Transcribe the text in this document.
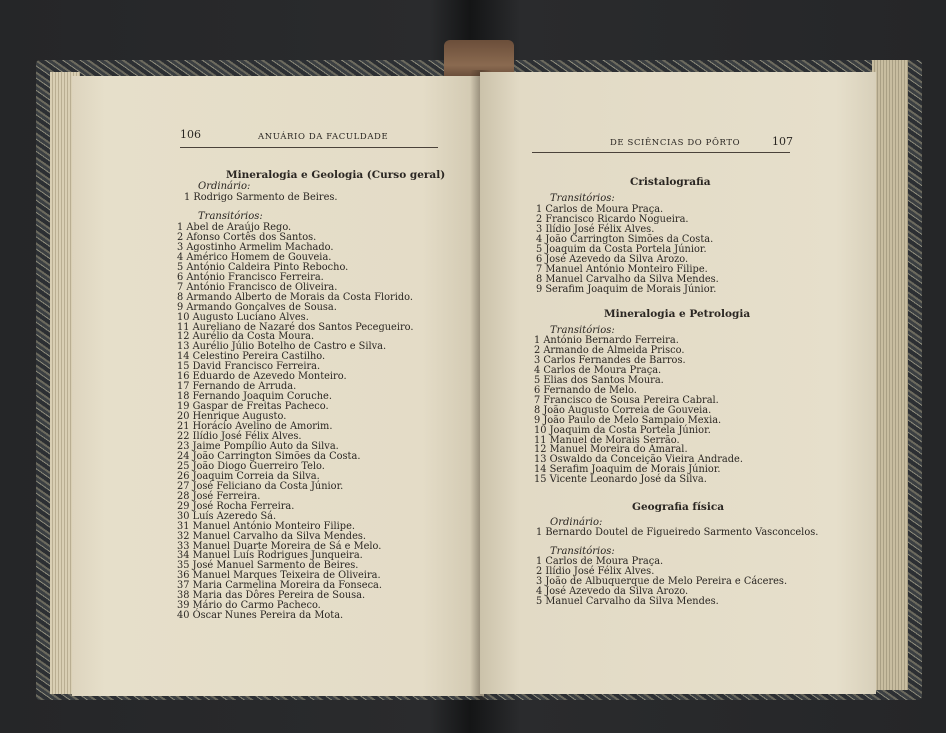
106	ANUÁRIO DA FACULDADE
Mineralogia e Geologia (Curso geral)
Ordinário:
1 Rodrigo Sarmento de Beires.
Transitórios:
1 Abel de Araújo Rego.
2 Afonso Cortês dos Santos.
3 Agostinho Armelim Machado.
4 Américo Homem de Gouveia.
5 António Caldeira Pinto Rebocho.
6 António Francisco Ferreira.
7 António Francisco de Oliveira.
8 Armando Alberto de Morais da Costa Florido.
9 Armando Gonçalves de Sousa.
10 Augusto Luciano Alves.
11 Aureliano de Nazaré dos Santos Pecegueiro.
12 Aurélio da Costa Moura.
13 Aurélio Júlio Botelho de Castro e Silva.
14 Celestino Pereira Castilho.
15 David Francisco Ferreira.
16 Eduardo de Azevedo Monteiro.
17 Fernando de Arruda.
18 Fernando Joaquim Coruche.
19 Gaspar de Freitas Pacheco.
20 Henrique Augusto.
21 Horácio Avelino de Amorim.
22 Ilídio José Félix Alves.
23 Jaime Pompílio Auto da Silva.
24 João Carrington Simões da Costa.
25 João Diogo Guerreiro Telo.
26 Joaquim Correia da Silva.
27 José Feliciano da Costa Júnior.
28 José Ferreira.
29 José Rocha Ferreira.
30 Luís Azeredo Sá.
31 Manuel António Monteiro Filipe.
32 Manuel Carvalho da Silva Mendes.
33 Manuel Duarte Moreira de Sá e Melo.
34 Manuel Luís Rodrigues Junqueira.
35 José Manuel Sarmento de Beires.
36 Manuel Marques Teixeira de Oliveira.
37 Maria Carmelina Moreira da Fonseca.
38 Maria das Dôres Pereira de Sousa.
39 Mário do Carmo Pacheco.
40 Óscar Nunes Pereira da Mota.
DE SCIÊNCIAS DO PÔRTO	107
Cristalografia
Transitórios:
1 Carlos de Moura Praça.
2 Francisco Ricardo Nogueira.
3 Ilídio José Félix Alves.
4 João Carrington Simões da Costa.
5 Joaquim da Costa Portela Júnior.
6 José Azevedo da Silva Arozo.
7 Manuel António Monteiro Filipe.
8 Manuel Carvalho da Silva Mendes.
9 Serafim Joaquim de Morais Júnior.
Mineralogia e Petrologia
Transitórios:
1 António Bernardo Ferreira.
2 Armando de Almeida Prisco.
3 Carlos Fernandes de Barros.
4 Carlos de Moura Praça.
5 Elias dos Santos Moura.
6 Fernando de Melo.
7 Francisco de Sousa Pereira Cabral.
8 João Augusto Correia de Gouveia.
9 João Paulo de Melo Sampaio Mexia.
10 Joaquim da Costa Portela Júnior.
11 Manuel de Morais Serrão.
12 Manuel Moreira do Amaral.
13 Oswaldo da Conceição Vieira Andrade.
14 Serafim Joaquim de Morais Júnior.
15 Vicente Leonardo José da Silva.
Geografia física
Ordinário:
1 Bernardo Doutel de Figueiredo Sarmento Vasconcelos.
Transitórios:
1 Carlos de Moura Praça.
2 Ilídio José Félix Alves.
3 João de Albuquerque de Melo Pereira e Cáceres.
4 José Azevedo da Silva Arozo.
5 Manuel Carvalho da Silva Mendes.
